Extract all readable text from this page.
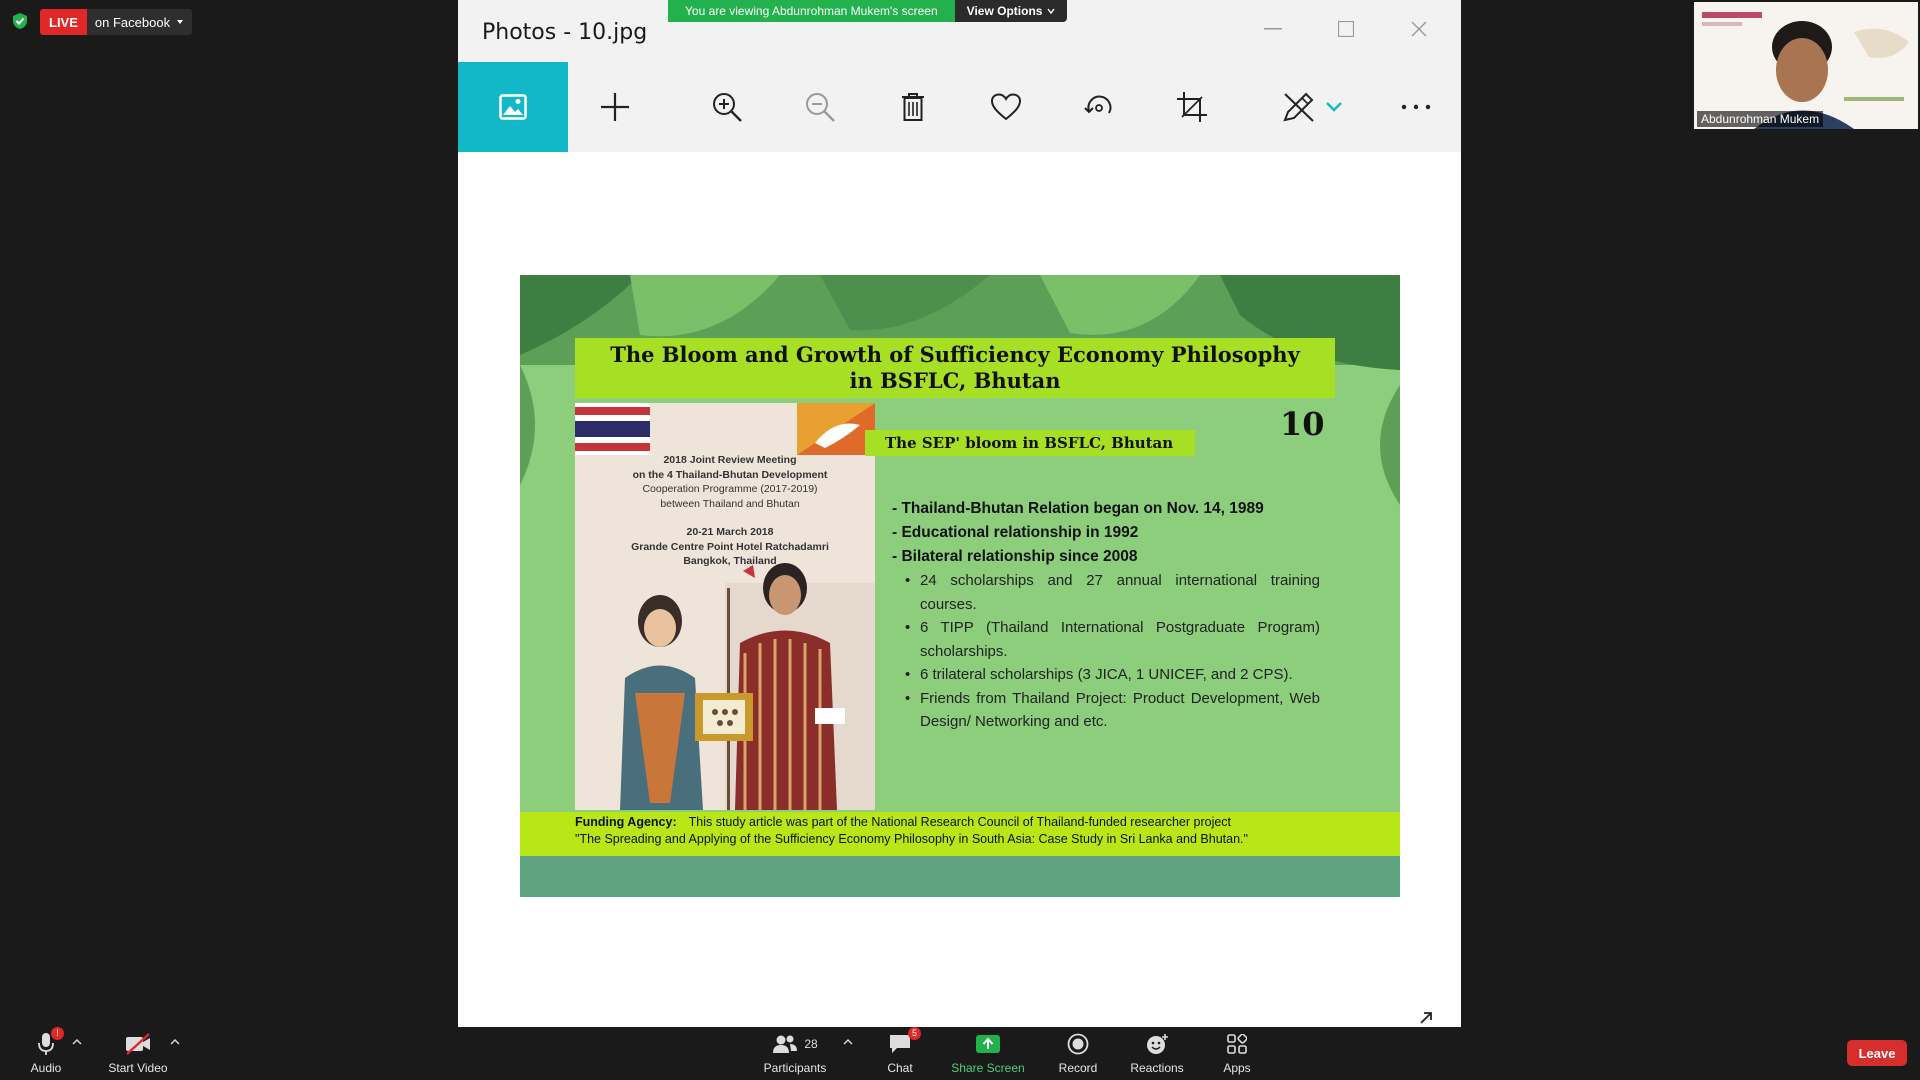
LIVE	on Facebook	Photos - 10.jpg
The Bloom and Growth of Sufficiency Economy Philosophy
in BSFLC, Bhutan
2018 Joint Review Meeting
on the 4 Thailand-Bhutan Development
Cooperation Programme (2017-2019)
between Thailand and Bhutan
20-21 March 2018
Grande Centre Point Hotel Ratchadamri
Bangkok, Thailand
The SEP' bloom in BSFLC, Bhutan	10
- Thailand-Bhutan Relation began on Nov. 14, 1989
- Educational relationship in 1992
- Bilateral relationship since 2008
• 24 scholarships and 27 annual international training courses.
• 6 TIPP (Thailand International Postgraduate Program) scholarships.
• 6 trilateral scholarships (3 JICA, 1 UNICEF, and 2 CPS).
• Friends from Thailand Project: Product Development, Web Design/ Networking and etc.
Funding Agency: This study article was part of the National Research Council of Thailand-funded researcher project
"The Spreading and Applying of the Sufficiency Economy Philosophy in South Asia: Case Study in Sri Lanka and Bhutan."
You are viewing Abdunrohman Mukem's screen	View Options
Abdunrohman Mukem
!
Audio	Start Video
28
Participants
5
Chat	Share Screen	Record	Reactions	Apps
Leave
